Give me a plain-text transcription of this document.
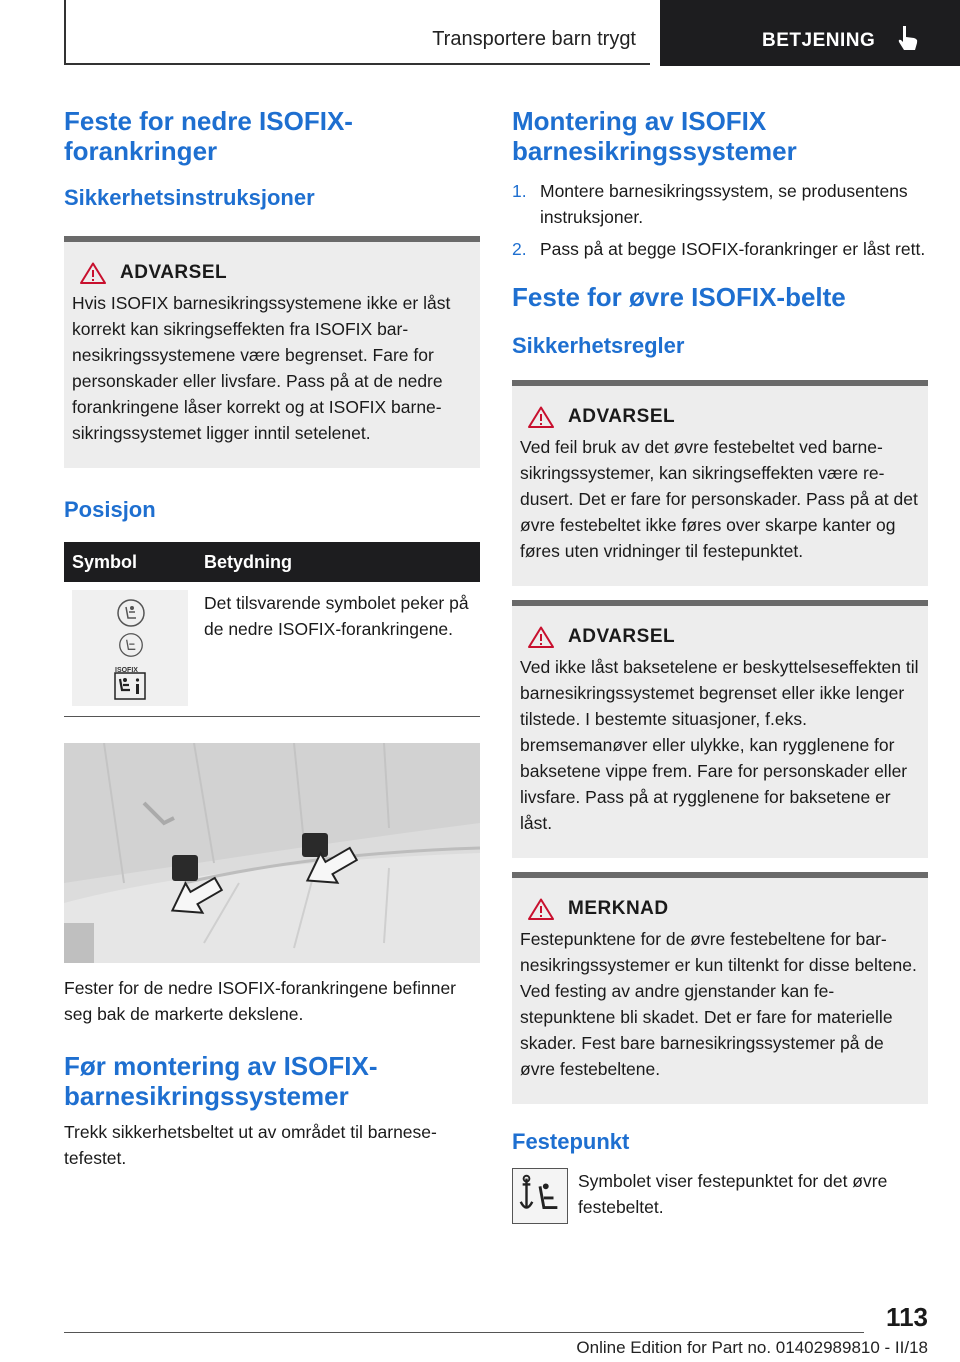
Transportere barn trygt	BETJENING
Feste for nedre ISOFIX-forankringer
Sikkerhetsinstruksjoner
ADVARSEL
Hvis ISOFIX barnesikringssystemene ikke er låst korrekt kan sikringseffekten fra ISOFIX barnesikringssystemene være begrenset. Fare for personskader eller livsfare. Pass på at de nedre forankringene låser korrekt og at ISOFIX barnesikringssystemet ligger inntil setelenet.
Posisjon
Symbol	Betydning

ISOFIX	Det tilsvarende symbolet peker på de nedre ISOFIX-forankringene.
Fester for de nedre ISOFIX-forankringene befinner seg bak de markerte dekslene.
Før montering av ISOFIX-barnesikringssystemer
Trekk sikkerhetsbeltet ut av området til barnesetefestet.
Montering av ISOFIX barnesikringssystemer
1. Montere barnesikringssystem, se produsentens instruksjoner.
2. Pass på at begge ISOFIX-forankringer er låst rett.
Feste for øvre ISOFIX-belte
Sikkerhetsregler
ADVARSEL
Ved feil bruk av det øvre festebeltet ved barnesikringssystemer, kan sikringseffekten være redusert. Det er fare for personskader. Pass på at det øvre festebeltet ikke føres over skarpe kanter og føres uten vridninger til festepunktet.
ADVARSEL
Ved ikke låst baksetelene er beskyttelseseffekten til barnesikringssystemet begrenset eller ikke lenger tilstede. I bestemte situasjoner, f.eks. bremsemanøver eller ulykke, kan rygglenene for baksetene vippe frem. Fare for personskader eller livsfare. Pass på at rygglenene for baksetene er låst.
MERKNAD
Festepunktene for de øvre festebeltene for barnesikringssystemer er kun tiltenkt for disse beltene. Ved festing av andre gjenstander kan festepunktene bli skadet. Det er fare for materielle skader. Fest bare barnesikringssystemer på de øvre festebeltene.
Festepunkt
Symbolet viser festepunktet for det øvre festebeltet.
113
Online Edition for Part no. 01402989810 - II/18
